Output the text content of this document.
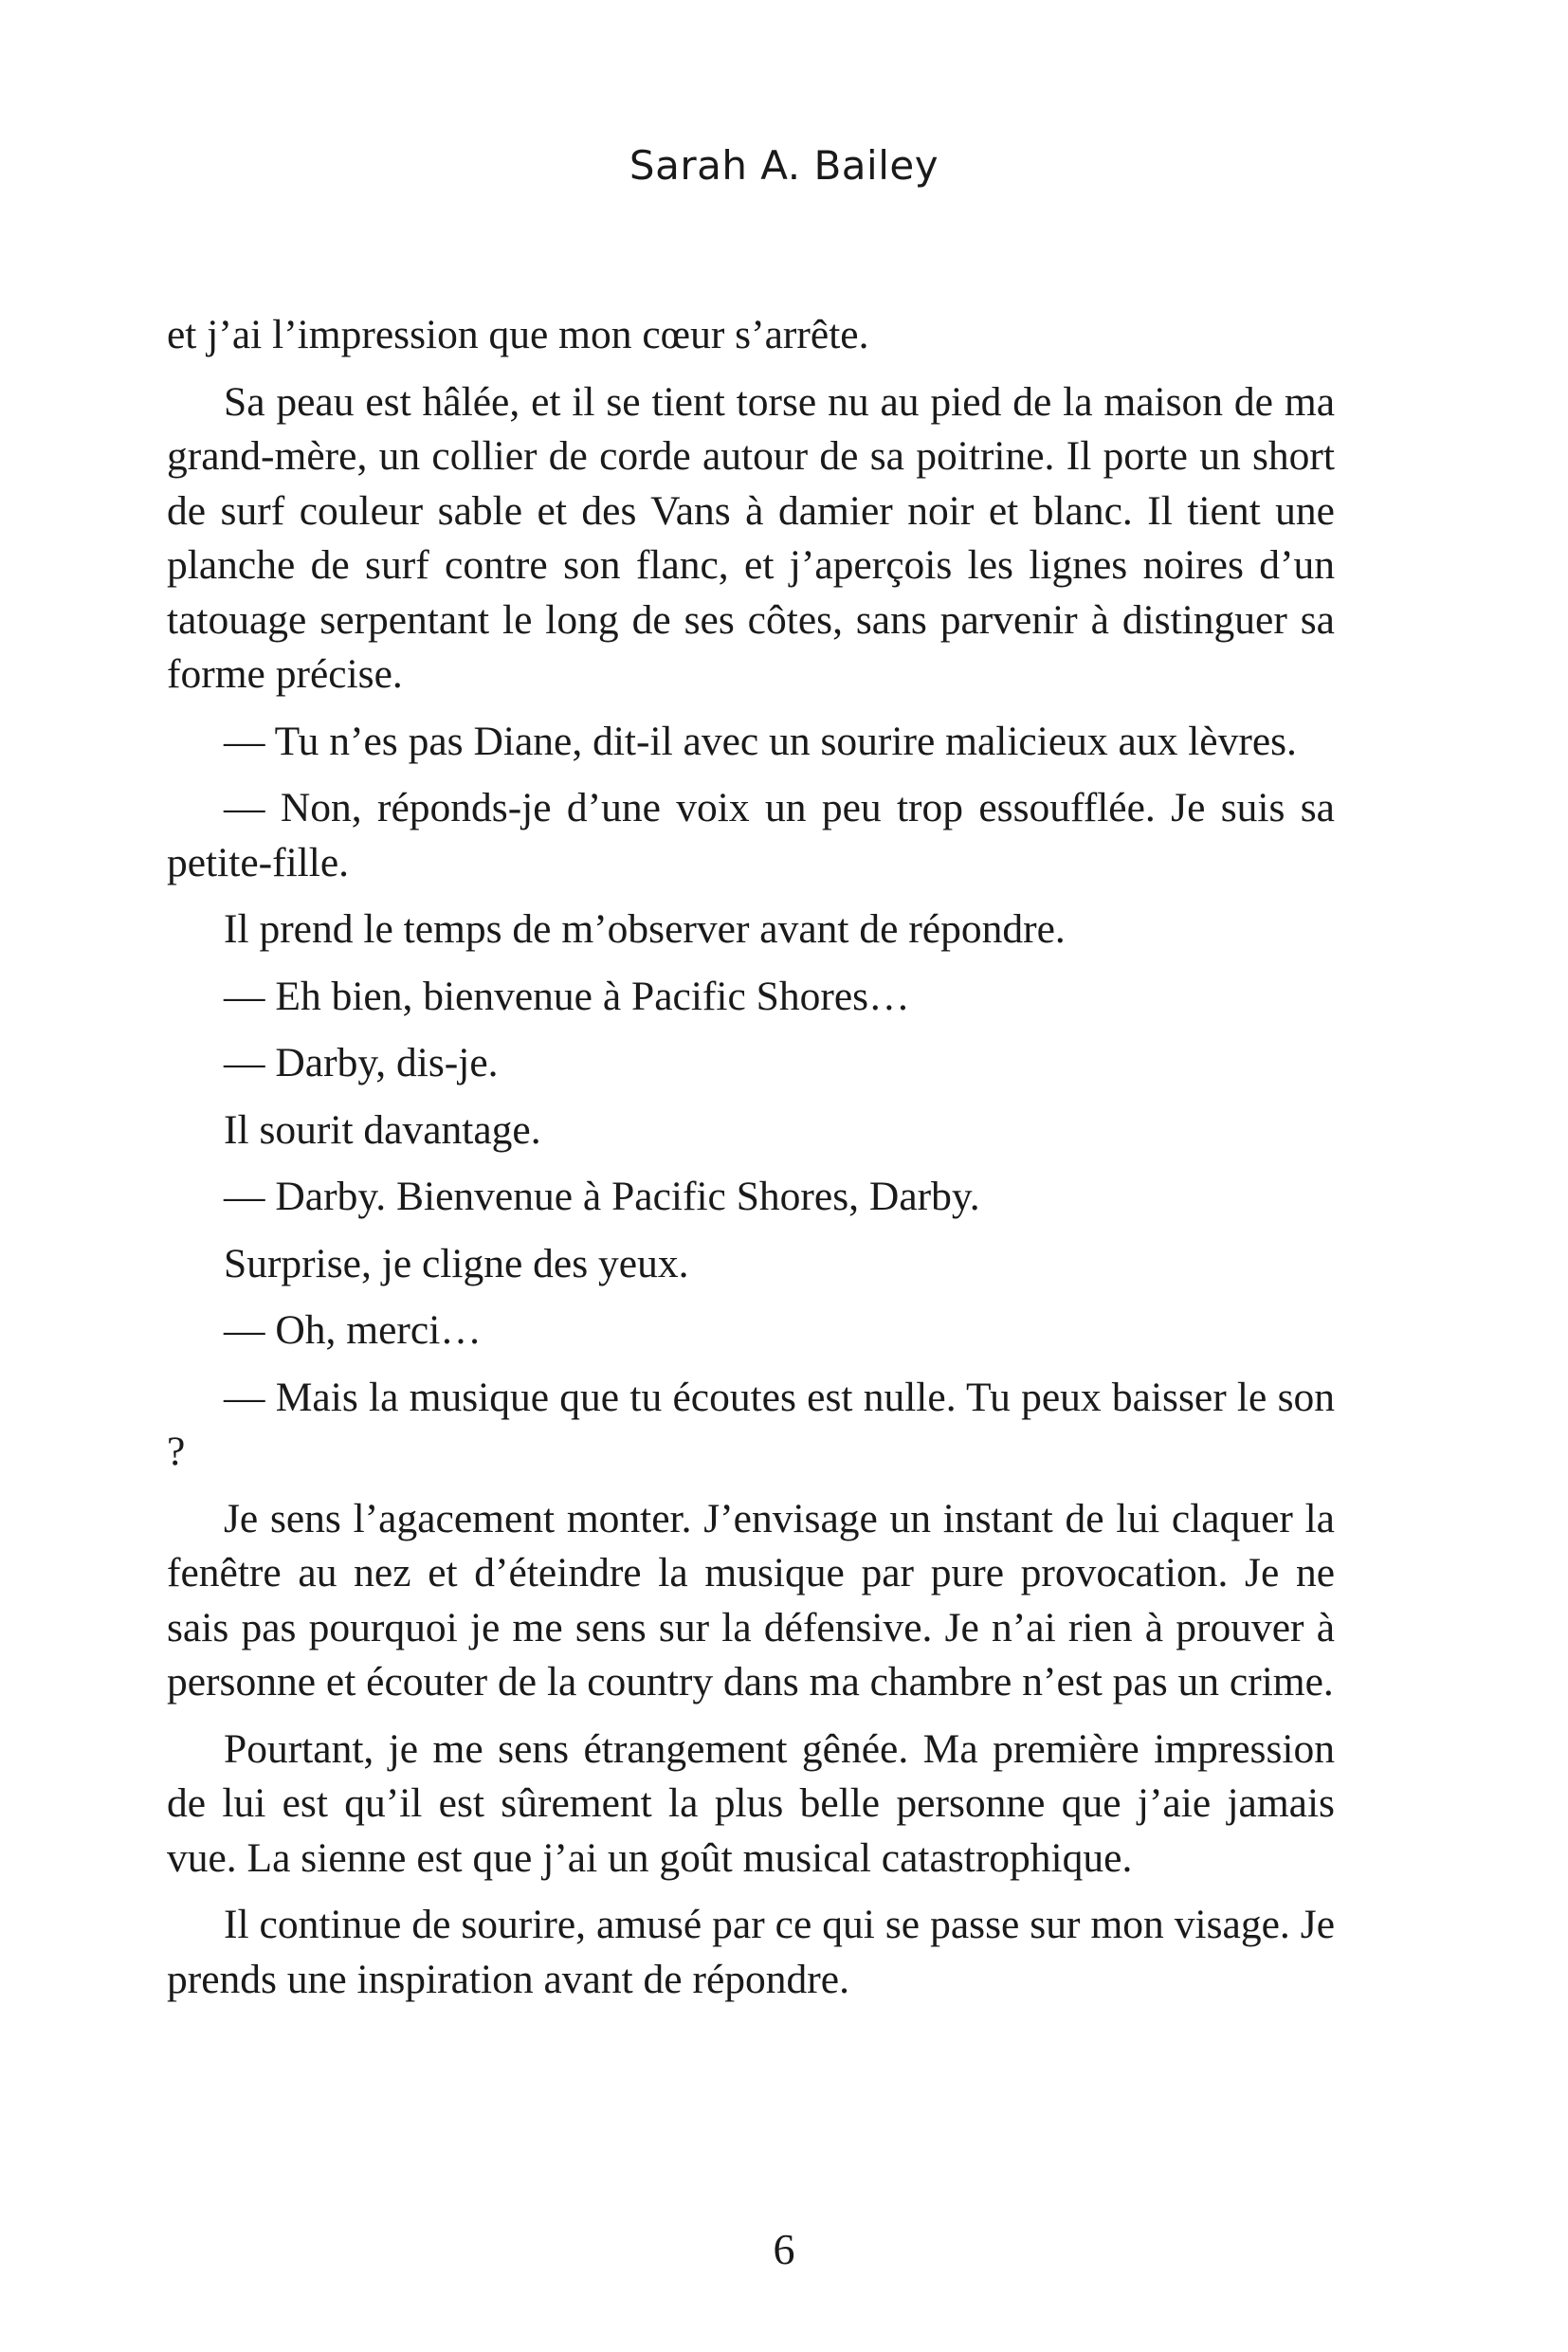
Sarah A. Bailey

et j’ai l’impression que mon cœur s’arrête.

Sa peau est hâlée, et il se tient torse nu au pied de la maison de ma grand-mère, un collier de corde autour de sa poitrine. Il porte un short de surf couleur sable et des Vans à damier noir et blanc. Il tient une planche de surf contre son flanc, et j’aperçois les lignes noires d’un tatouage serpentant le long de ses côtes, sans parvenir à distinguer sa forme précise.

— Tu n’es pas Diane, dit-il avec un sourire malicieux aux lèvres.

— Non, réponds-je d’une voix un peu trop essoufflée. Je suis sa petite-fille.

Il prend le temps de m’observer avant de répondre.

— Eh bien, bienvenue à Pacific Shores…

— Darby, dis-je.

Il sourit davantage.

— Darby. Bienvenue à Pacific Shores, Darby.

Surprise, je cligne des yeux.

— Oh, merci…

— Mais la musique que tu écoutes est nulle. Tu peux baisser le son ?

Je sens l’agacement monter. J’envisage un instant de lui claquer la fenêtre au nez et d’éteindre la musique par pure provocation. Je ne sais pas pourquoi je me sens sur la défensive. Je n’ai rien à prouver à personne et écouter de la country dans ma chambre n’est pas un crime.

Pourtant, je me sens étrangement gênée. Ma première impression de lui est qu’il est sûrement la plus belle personne que j’aie jamais vue. La sienne est que j’ai un goût musical catastrophique.

Il continue de sourire, amusé par ce qui se passe sur mon visage. Je prends une inspiration avant de répondre.

6
